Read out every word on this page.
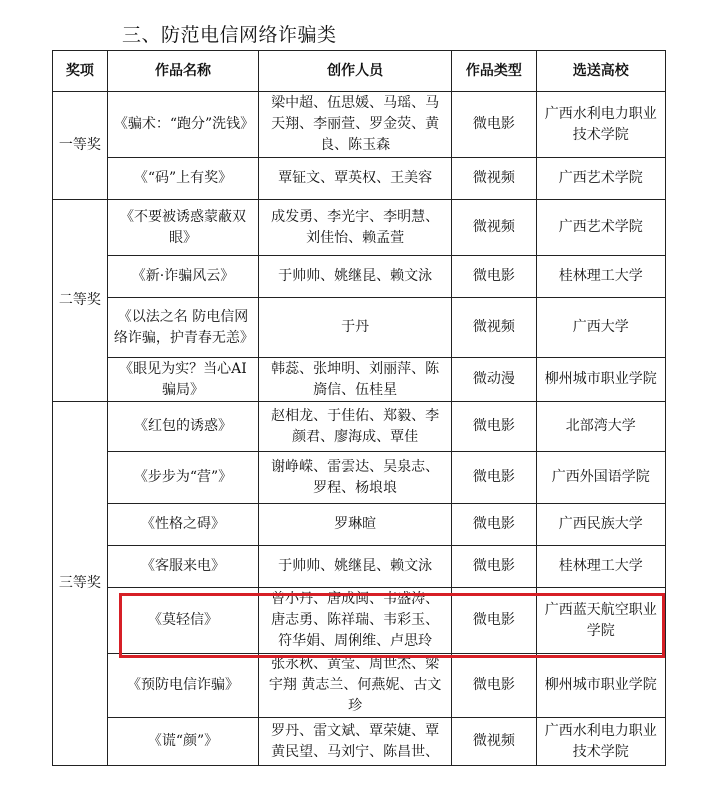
三、防范电信网络诈骗类
奖项	作品名称	创作人员	作品类型	选送高校
一等奖	《骗术：“跑分”洗钱》	梁中超、伍思媛、马瑶、马天翔、李丽萱、罗金荧、黄良、陈玉森	微电影	广西水利电力职业技术学院
	《“码”上有奖》	覃钲文、覃英权、王美容	微视频	广西艺术学院
二等奖	《不要被诱惑蒙蔽双眼》	成发勇、李光宇、李明慧、刘佳怡、赖孟萱	微视频	广西艺术学院
	《新·诈骗风云》	于帅帅、姚继昆、赖文泳	微电影	桂林理工大学
	《以法之名 防电信网络诈骗，护青春无恙》	于丹	微视频	广西大学
	《眼见为实？当心AI 骗局》	韩蕊、张坤明、刘丽萍、陈旖信、伍桂星	微动漫	柳州城市职业学院
三等奖	《红包的诱惑》	赵相龙、于佳佑、郑毅、李颜君、廖海成、覃佳	微电影	北部湾大学
	《步步为“营”》	谢峥嵘、雷雲达、吴泉志、罗程、杨埌埌	微电影	广西外国语学院
	《性格之碍》	罗琳暄	微电影	广西民族大学
	《客服来电》	于帅帅、姚继昆、赖文泳	微电影	桂林理工大学
	《莫轻信》	曾小丹、唐成闽、韦盛涛、唐志勇、陈祥瑞、韦彩玉、符华娟、周俐维、卢思玲	微电影	广西蓝天航空职业学院
	《预防电信诈骗》	张永秋、黄莹、周世杰、梁宇翔 黄志兰、何燕妮、古文珍	微电影	柳州城市职业学院
	《谎“颜”》	罗丹、雷文斌、覃荣婕、覃黄民望、马刘宁、陈昌世、	微视频	广西水利电力职业技术学院
